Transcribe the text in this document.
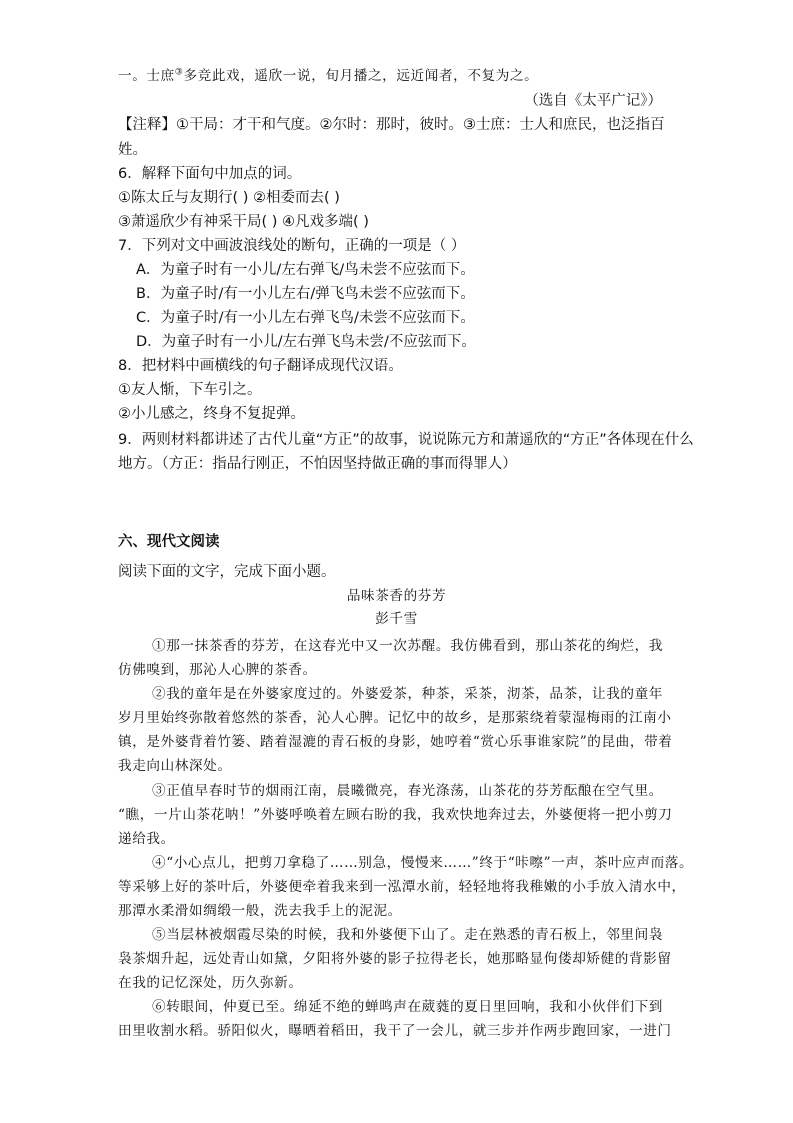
一。士庶③多竞此戏，遥欣一说，旬月播之，远近闻者，不复为之。
（选自《太平广记》）
【注释】①干局：才干和气度。②尔时：那时，彼时。③士庶：士人和庶民，也泛指百
姓。
6．解释下面句中加点的词。
①陈太丘与友期行( ) ②相委而去( )
③萧遥欣少有神采干局( ) ④凡戏多端( )
7．下列对文中画波浪线处的断句，正确的一项是（ ）
A．为童子时有一小儿/左右弹飞/鸟未尝不应弦而下。
B．为童子时/有一小儿左右/弹飞鸟未尝不应弦而下。
C．为童子时/有一小儿左右弹飞鸟/未尝不应弦而下。
D．为童子时有一小儿/左右弹飞鸟未尝/不应弦而下。
8．把材料中画横线的句子翻译成现代汉语。
①友人惭，下车引之。
②小儿感之，终身不复捉弹。
9．两则材料都讲述了古代儿童“方正”的故事，说说陈元方和萧遥欣的“方正”各体现在什么
地方。（方正：指品行刚正，不怕因坚持做正确的事而得罪人）
六、现代文阅读
阅读下面的文字，完成下面小题。
品味茶香的芬芳
彭千雪
①那一抹茶香的芬芳，在这春光中又一次苏醒。我仿佛看到，那山茶花的绚烂，我
仿佛嗅到，那沁人心脾的茶香。
②我的童年是在外婆家度过的。外婆爱茶，种茶，采茶，沏茶，品茶，让我的童年
岁月里始终弥散着悠然的茶香，沁人心脾。记忆中的故乡，是那萦绕着蒙湿梅雨的江南小
镇，是外婆背着竹篓、踏着湿漉的青石板的身影，她哼着“赏心乐事谁家院”的昆曲，带着
我走向山林深处。
③正值早春时节的烟雨江南，晨曦微亮，春光涤荡，山茶花的芬芳酝酿在空气里。
“瞧，一片山茶花呐！”外婆呼唤着左顾右盼的我，我欢快地奔过去，外婆便将一把小剪刀
递给我。
④“小心点儿，把剪刀拿稳了……别急，慢慢来……”终于“咔嚓”一声，茶叶应声而落。
等采够上好的茶叶后，外婆便牵着我来到一泓潭水前，轻轻地将我稚嫩的小手放入清水中，
那潭水柔滑如绸缎一般，洗去我手上的泥泥。
⑤当层林被烟霞尽染的时候，我和外婆便下山了。走在熟悉的青石板上，邻里间袅
袅茶烟升起，远处青山如黛，夕阳将外婆的影子拉得老长，她那略显佝偻却矫健的背影留
在我的记忆深处，历久弥新。
⑥转眼间，仲夏已至。绵延不绝的蝉鸣声在葳蕤的夏日里回响，我和小伙伴们下到
田里收割水稻。骄阳似火，曝晒着稻田，我干了一会儿，就三步并作两步跑回家，一进门
